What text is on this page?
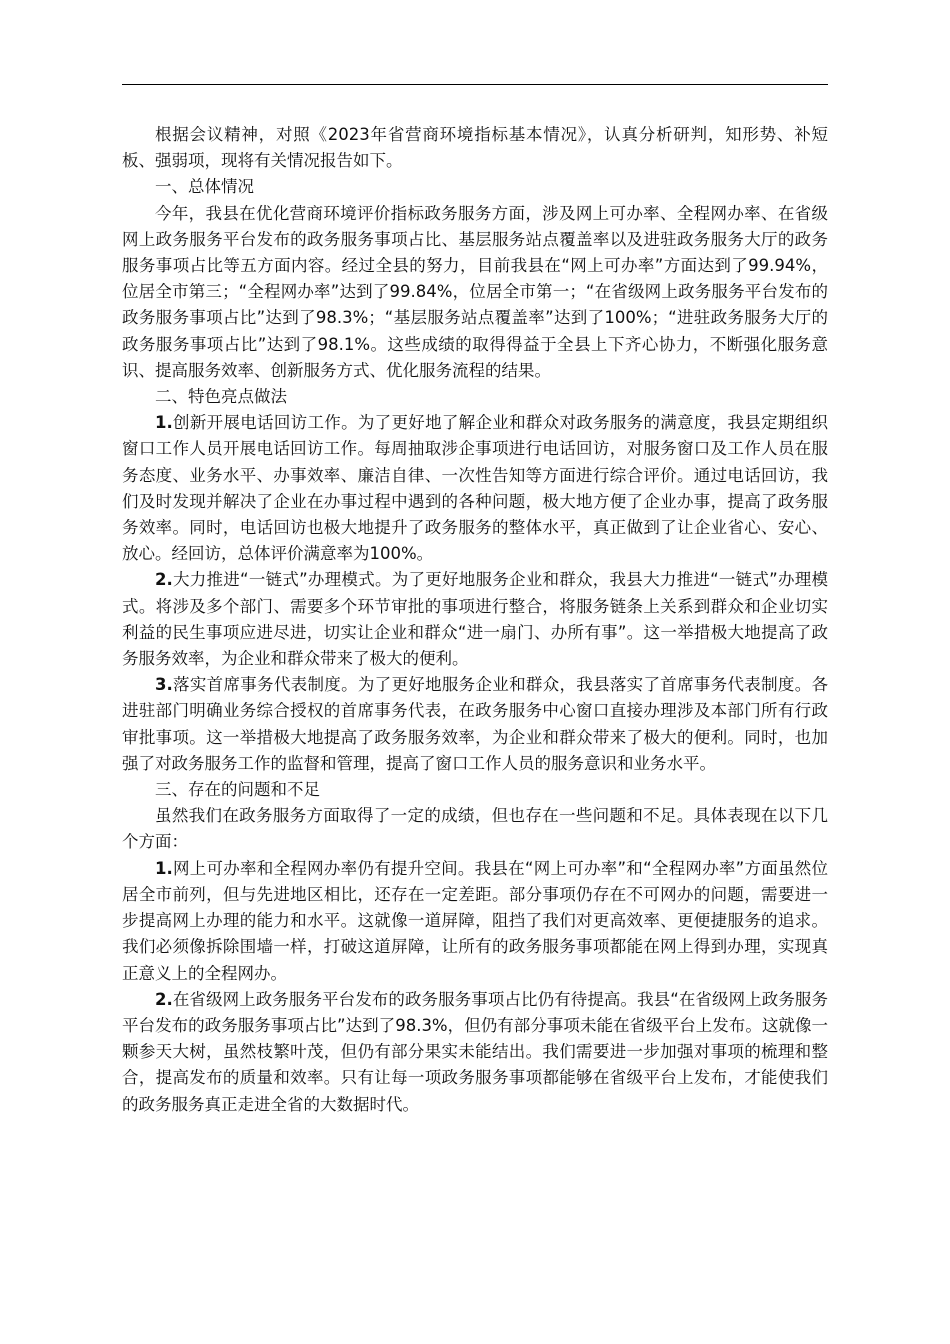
根据会议精神，对照《2023年省营商环境指标基本情况》，认真分析研判，知形势、补短板、强弱项，现将有关情况报告如下。

一、总体情况

今年，我县在优化营商环境评价指标政务服务方面，涉及网上可办率、全程网办率、在省级网上政务服务平台发布的政务服务事项占比、基层服务站点覆盖率以及进驻政务服务大厅的政务服务事项占比等五方面内容。经过全县的努力，目前我县在“网上可办率”方面达到了99.94%，位居全市第三；“全程网办率”达到了99.84%，位居全市第一；“在省级网上政务服务平台发布的政务服务事项占比”达到了98.3%；“基层服务站点覆盖率”达到了100%；“进驻政务服务大厅的政务服务事项占比”达到了98.1%。这些成绩的取得得益于全县上下齐心协力，不断强化服务意识、提高服务效率、创新服务方式、优化服务流程的结果。

二、特色亮点做法

1.创新开展电话回访工作。为了更好地了解企业和群众对政务服务的满意度，我县定期组织窗口工作人员开展电话回访工作。每周抽取涉企事项进行电话回访，对服务窗口及工作人员在服务态度、业务水平、办事效率、廉洁自律、一次性告知等方面进行综合评价。通过电话回访，我们及时发现并解决了企业在办事过程中遇到的各种问题，极大地方便了企业办事，提高了政务服务效率。同时，电话回访也极大地提升了政务服务的整体水平，真正做到了让企业省心、安心、放心。经回访，总体评价满意率为100%。

2.大力推进“一链式”办理模式。为了更好地服务企业和群众，我县大力推进“一链式”办理模式。将涉及多个部门、需要多个环节审批的事项进行整合，将服务链条上关系到群众和企业切实利益的民生事项应进尽进，切实让企业和群众“进一扇门、办所有事”。这一举措极大地提高了政务服务效率，为企业和群众带来了极大的便利。

3.落实首席事务代表制度。为了更好地服务企业和群众，我县落实了首席事务代表制度。各进驻部门明确业务综合授权的首席事务代表，在政务服务中心窗口直接办理涉及本部门所有行政审批事项。这一举措极大地提高了政务服务效率，为企业和群众带来了极大的便利。同时，也加强了对政务服务工作的监督和管理，提高了窗口工作人员的服务意识和业务水平。

三、存在的问题和不足

虽然我们在政务服务方面取得了一定的成绩，但也存在一些问题和不足。具体表现在以下几个方面：

1.网上可办率和全程网办率仍有提升空间。我县在“网上可办率”和“全程网办率”方面虽然位居全市前列，但与先进地区相比，还存在一定差距。部分事项仍存在不可网办的问题，需要进一步提高网上办理的能力和水平。这就像一道屏障，阻挡了我们对更高效率、更便捷服务的追求。我们必须像拆除围墙一样，打破这道屏障，让所有的政务服务事项都能在网上得到办理，实现真正意义上的全程网办。

2.在省级网上政务服务平台发布的政务服务事项占比仍有待提高。我县“在省级网上政务服务平台发布的政务服务事项占比”达到了98.3%，但仍有部分事项未能在省级平台上发布。这就像一颗参天大树，虽然枝繁叶茂，但仍有部分果实未能结出。我们需要进一步加强对事项的梳理和整合，提高发布的质量和效率。只有让每一项政务服务事项都能够在省级平台上发布，才能使我们的政务服务真正走进全省的大数据时代。
